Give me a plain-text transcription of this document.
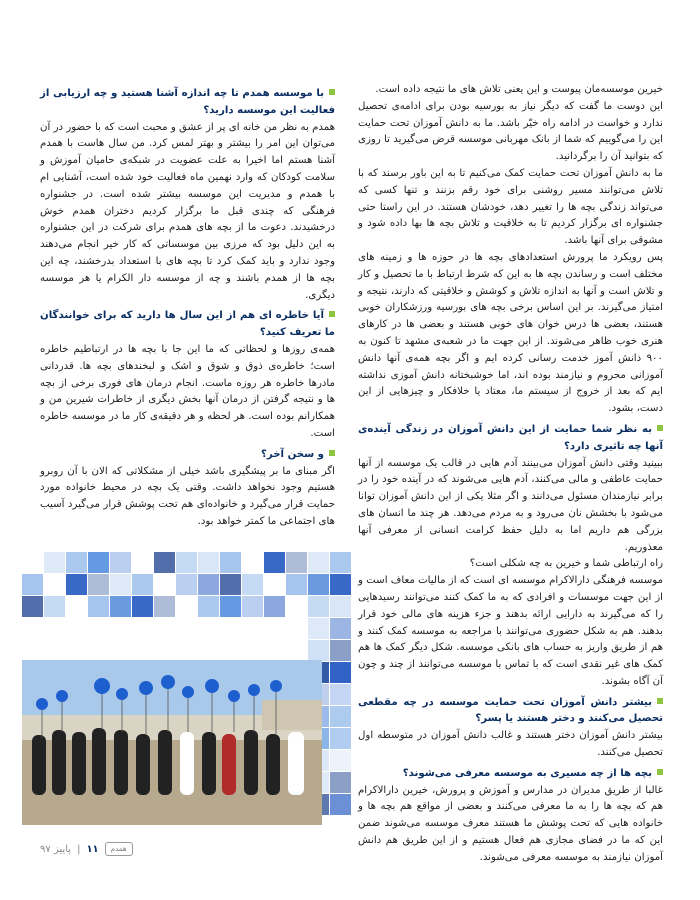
خیرین موسسه‌مان پیوست و این یعنی تلاش های ما نتیجه داده است.

این دوست ما گفت که دیگر نیاز به بورسیه بودن برای ادامه‌ی تحصیل ندارد و خواست در ادامه راه خیّر باشد. ما به دانش آموزان تحت حمایت این را می‌گوییم که شما از بانک مهربانی موسسه قرض می‌گیرید تا روزی که بتوانید آن را برگردانید.

ما به دانش آموزان تحت حمایت کمک می‌کنیم تا به این باور برسند که با تلاش می‌توانند مسیر روشنی برای خود رقم بزنند و تنها کسی که می‌تواند زندگی بچه ها را تغییر دهد، خودشان هستند. در این راستا حتی جشنواره ای برگزار کردیم تا به خلاقیت و تلاش بچه ها بها داده شود و مشوقی برای آنها باشد.

پس رویکرد ما پرورش استعدادهای بچه ها در حوزه ها و زمینه های مختلف است و رساندن بچه ها به این که شرط ارتباط با ما تحصیل و کار و تلاش است و آنها به اندازه تلاش و کوشش و خلاقیتی که دارند، نتیجه و امتیاز می‌گیرند. بر این اساس برخی بچه های بورسیه ورزشکاران خوبی هستند، بعضی ها درس خوان های خوبی هستند و بعضی ها در کارهای هنری خوب ظاهر می‌شوند. از این جهت ما در شعبه‌ی مشهد تا کنون به ۹۰۰ دانش آموز خدمت رسانی کرده ایم و اگر بچه همه‌ی آنها دانش آموزانی محروم و نیازمند بوده اند، اما خوشبختانه دانش آموزی نداشته ایم که بعد از خروج از سیستم ما، معتاد یا خلافکار و چیزهایی از این دست، بشود.

به نظر شما حمایت از این دانش آموزان در زندگی آینده‌ی آنها چه تاثیری دارد؟

ببینید وقتی دانش آموزان می‌بینند آدم هایی در قالب یک موسسه از آنها حمایت عاطفی و مالی می‌کنند، آدم هایی می‌شوند که در آینده خود را در برابر نیازمندان مسئول می‌دانند و اگر مثلا یکی از این دانش آموزان توانا می‌شود با بخشش نان می‌رود و به مردم می‌دهد. هر چند ما انسان های بزرگی هم داریم اما به دلیل حفظ کرامت انسانی از معرفی آنها معذوریم.

راه ارتباطی شما و خیرین به چه شکلی است؟

موسسه فرهنگی دارالاکرام موسسه ای است که از مالیات معاف است و از این جهت موسسات و افرادی که به ما کمک کنند می‌توانند رسیدهایی را که می‌گیرند به دارایی ارائه بدهند و جزء هزینه های مالی خود قرار بدهند. هم به شکل حضوری می‌توانند با مراجعه به موسسه کمک کنند و هم از طریق واریز به حساب های بانکی موسسه. شکل دیگر کمک ها هم کمک های غیر نقدی است که با تماس با موسسه می‌توانند از چند و چون آن آگاه بشوند.

بیشتر دانش آموزان تحت حمایت موسسه در چه مقطعی تحصیل می‌کنند و دختر هستند یا پسر؟

بیشتر دانش آموزان دختر هستند و غالب دانش آموزان در متوسطه اول تحصیل می‌کنند.

بچه ها از چه مسیری به موسسه معرفی می‌شوند؟

غالبا از طریق مدیران در مدارس و آموزش و پرورش، خیرین دارالاکرام هم که بچه ها را به ما معرفی می‌کنند و بعضی از مواقع هم بچه ها و خانواده هایی که تحت پوشش ما هستند معرف موسسه می‌شوند ضمن این که ما در فضای مجازی هم فعال هستیم و از این طریق هم دانش آموزان نیازمند به موسسه معرفی می‌شوند.

با موسسه همدم تا چه اندازه آشنا هستید و چه ارزیابی از فعالیت این موسسه دارید؟

همدم به نظر من خانه ای پر از عشق و محبت است که با حضور در آن می‌توان این امر را بیشتر و بهتر لمس کرد. من سال هاست با همدم آشنا هستم اما اخیرا به علت عضویت در شبکه‌ی حامیان آموزش و سلامت کودکان که وارد نهمین ماه فعالیت خود شده است، آشنایی ام با همدم و مدیریت این موسسه بیشتر شده است. در جشنواره فرهنگی که چندی قبل ما برگزار کردیم دختران همدم خوش درخشیدند. دعوت ما از بچه های همدم برای شرکت در این جشنواره به این دلیل بود که مرزی بین موسساتی که کار خیر انجام می‌دهند وجود ندارد و باید کمک کرد تا بچه های با استعداد بدرخشند، چه این بچه ها از همدم باشند و چه از موسسه دار الکرام یا هر موسسه دیگری.

آیا خاطره ای هم از این سال ها دارید که برای خوانندگان ما تعریف کنید؟

همه‌ی روزها و لحظاتی که ما این جا با بچه ها در ارتباطیم خاطره است؛ خاطره‌ی ذوق و شوق و اشک و لبخندهای بچه ها. قدردانی مادرها خاطره هر روزه ماست. انجام درمان های فوری برخی از بچه ها و نتیجه گرفتن از درمان آنها بخش دیگری از خاطرات شیرین من و همکارانم بوده است. هر لحظه و هر دقیقه‌ی کار ما در موسسه خاطره است.

و سخن آخر؟

اگر مبنای ما بر پیشگیری باشد خیلی از مشکلاتی که الان با آن روبرو هستیم وجود نخواهد داشت. وقتی یک بچه در محیط خانواده مورد حمایت قرار می‌گیرد و خانواده‌ای هم تحت پوشش قرار می‌گیرد آسیب های اجتماعی ما کمتر خواهد بود.

همدم
۱۱
|
پاییز ۹۷
